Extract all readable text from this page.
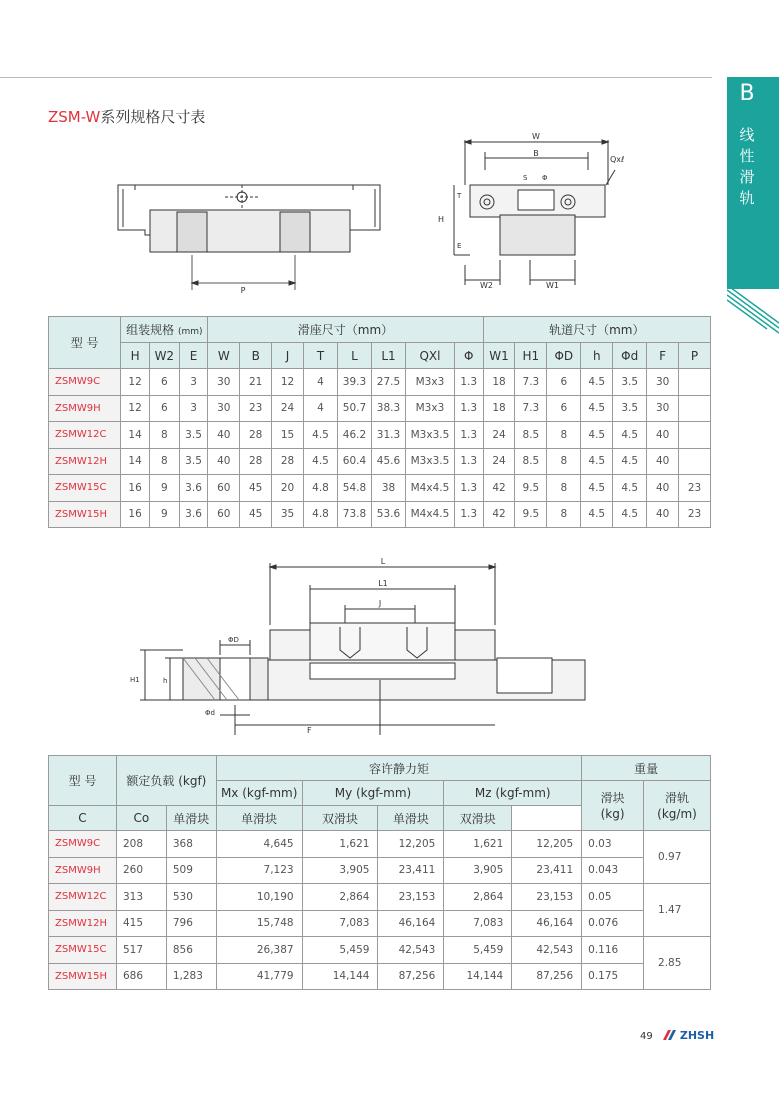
B
线
性
滑
轨
ZSM-W系列规格尺寸表
P
W
B
Qxℓ
S Φ
T
H
E
W2	W1
型 号	组装规格 (mm)			滑座尺寸（mm）								轨道尺寸（mm）						
	H	W2	E	W	B	J	T	L	L1	QXl	Φ	W1	H1	ΦD	h	Φd	F	P
ZSMW9C	12	6	3	30	21	12	4	39.3	27.5	M3x3	1.3	18	7.3	6	4.5	3.5	30	
ZSMW9H	12	6	3	30	23	24	4	50.7	38.3	M3x3	1.3	18	7.3	6	4.5	3.5	30	
ZSMW12C	14	8	3.5	40	28	15	4.5	46.2	31.3	M3x3.5	1.3	24	8.5	8	4.5	4.5	40	
ZSMW12H	14	8	3.5	40	28	28	4.5	60.4	45.6	M3x3.5	1.3	24	8.5	8	4.5	4.5	40	
ZSMW15C	16	9	3.6	60	45	20	4.8	54.8	38	M4x4.5	1.3	42	9.5	8	4.5	4.5	40	23
ZSMW15H	16	9	3.6	60	45	35	4.8	73.8	53.6	M4x4.5	1.3	42	9.5	8	4.5	4.5	40	23
L
L1
J
ΦD
h
H1
Φd
F
型 号	额定负载 (kgf)		容许静力矩					重量	
			Mx (kgf-mm)	My (kgf-mm)		Mz (kgf-mm)		滑块
(kg)	滑轨
(kg/m)
C	Co	单滑块	单滑块	双滑块	单滑块	双滑块			
ZSMW9C	208	368	4,645	1,621	12,205	1,621	12,205	0.03	0.97
ZSMW9H	260	509	7,123	3,905	23,411	3,905	23,411	0.043	
ZSMW12C	313	530	10,190	2,864	23,153	2,864	23,153	0.05	1.47
ZSMW12H	415	796	15,748	7,083	46,164	7,083	46,164	0.076	
ZSMW15C	517	856	26,387	5,459	42,543	5,459	42,543	0.116	2.85
ZSMW15H	686	1,283	41,779	14,144	87,256	14,144	87,256	0.175	
49	ZHSH
